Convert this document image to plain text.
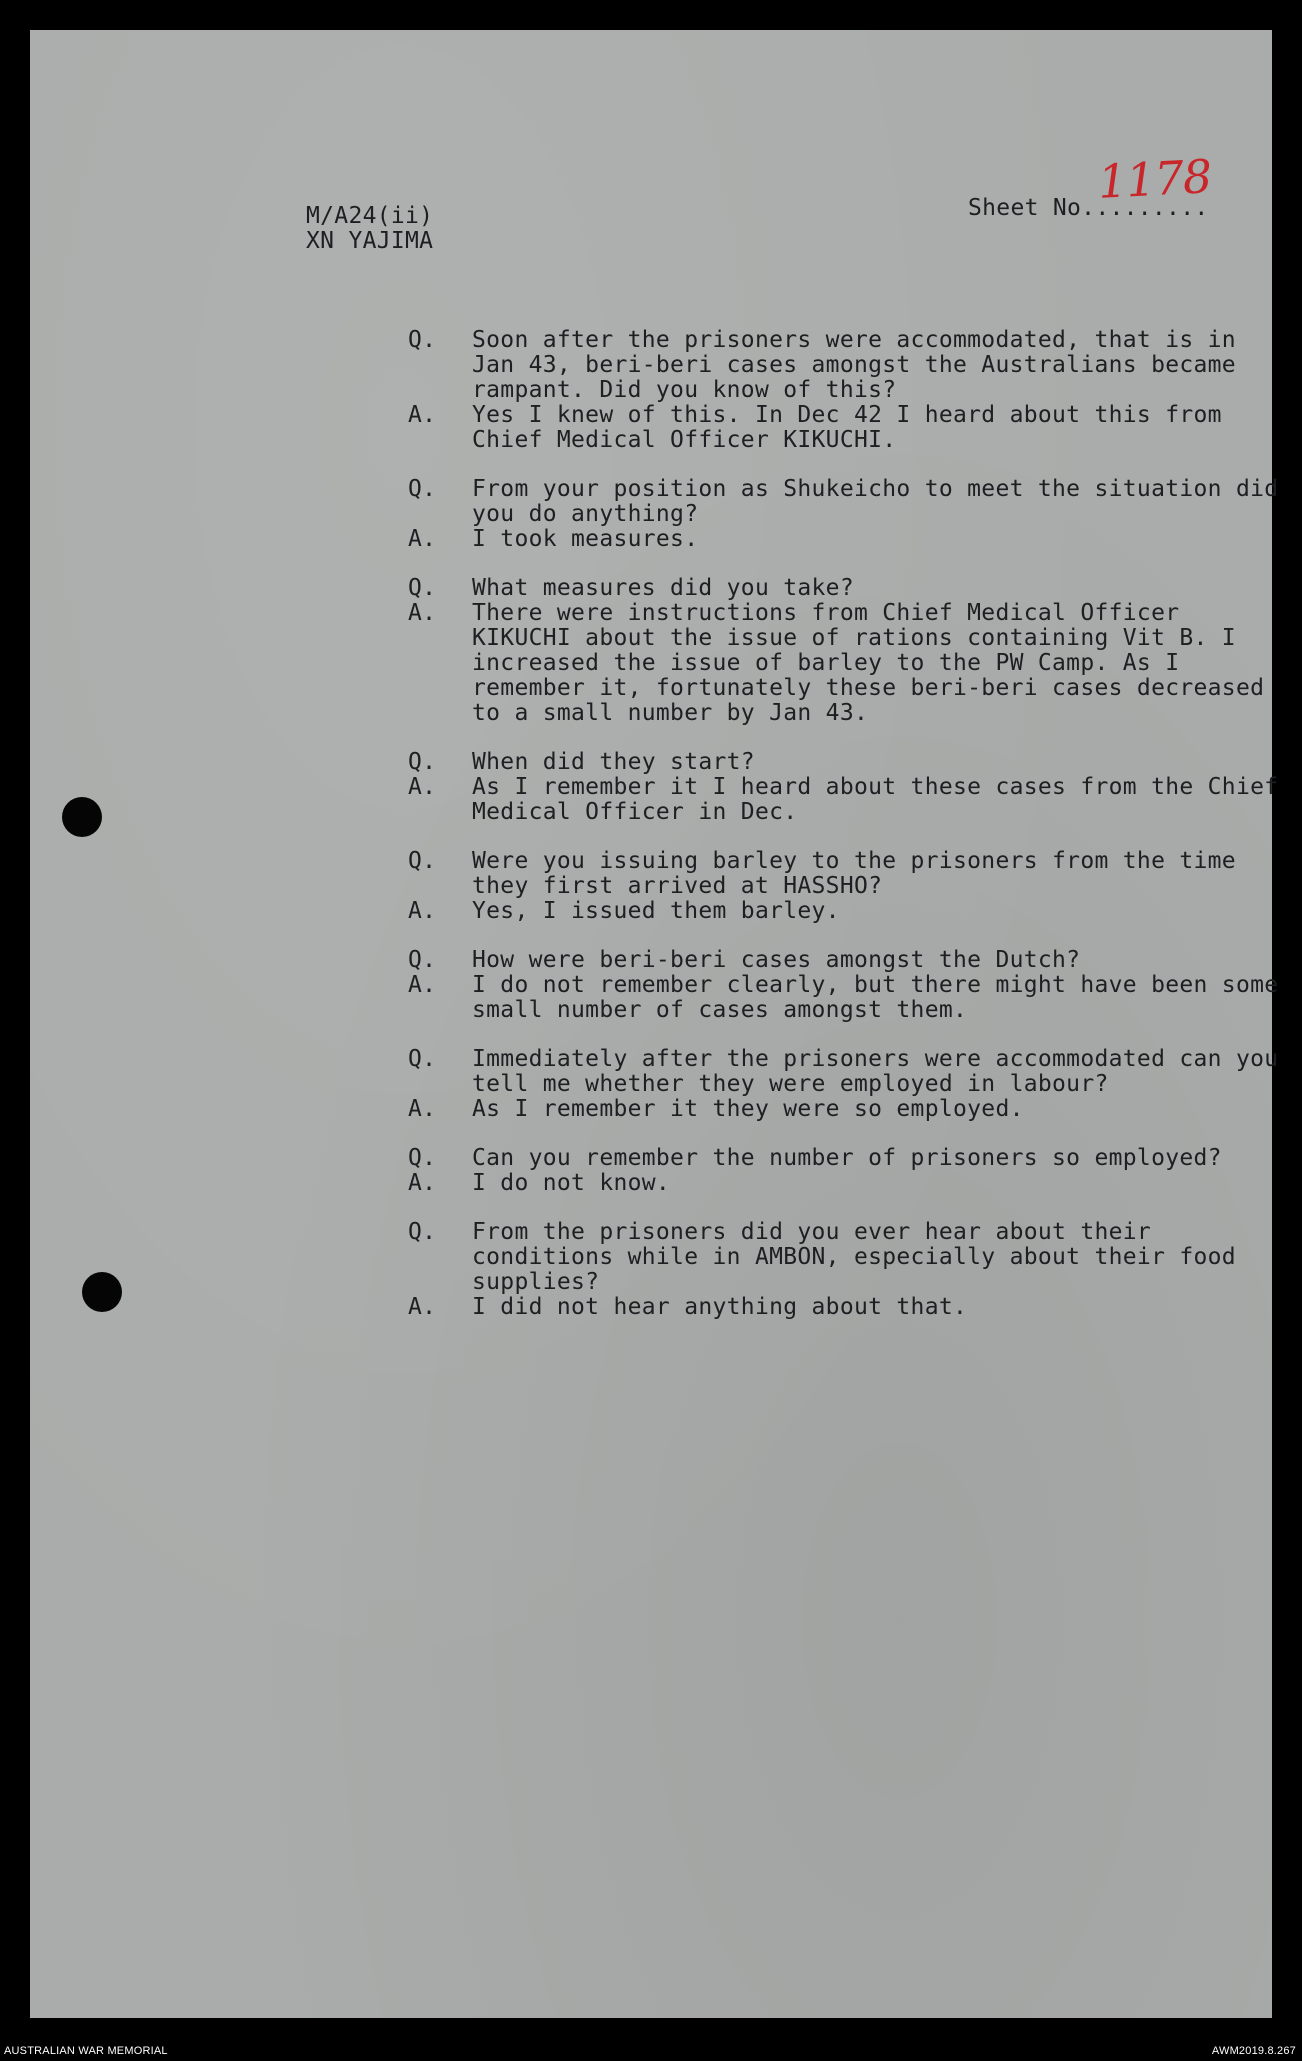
M/A24(ii)
XN YAJIMA
Sheet No.........
1178
Q.	Soon after the prisoners were accommodated, that is in Jan 43, beri-beri cases amongst the Australians became rampant. Did you know of this?
A.	Yes I knew of this. In Dec 42 I heard about this from Chief Medical Officer KIKUCHI.
Q.	From your position as Shukeicho to meet the situation did you do anything?
A.	I took measures.
Q.	What measures did you take?
A.	There were instructions from Chief Medical Officer KIKUCHI about the issue of rations containing Vit B. I increased the issue of barley to the PW Camp. As I remember it, fortunately these beri-beri cases decreased to a small number by Jan 43.
Q.	When did they start?
A.	As I remember it I heard about these cases from the Chief Medical Officer in Dec.
Q.	Were you issuing barley to the prisoners from the time they first arrived at HASSHO?
A.	Yes, I issued them barley.
Q.	How were beri-beri cases amongst the Dutch?
A.	I do not remember clearly, but there might have been some small number of cases amongst them.
Q.	Immediately after the prisoners were accommodated can you tell me whether they were employed in labour?
A.	As I remember it they were so employed.
Q.	Can you remember the number of prisoners so employed?
A.	I do not know.
Q.	From the prisoners did you ever hear about their conditions while in AMBON, especially about their food supplies?
A.	I did not hear anything about that.
AUSTRALIAN WAR MEMORIAL	AWM2019.8.267
